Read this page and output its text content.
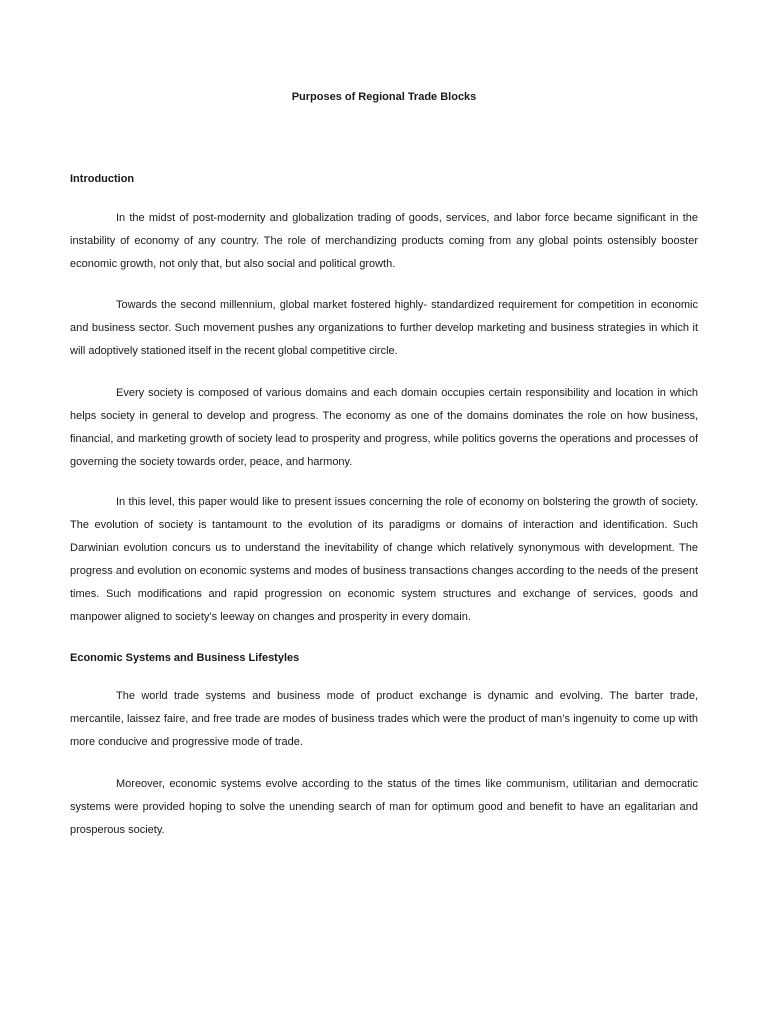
Purposes of Regional Trade Blocks
Introduction
In the midst of post-modernity and globalization trading of goods, services, and labor force became significant in the instability of economy of any country. The role of merchandizing products coming from any global points ostensibly booster economic growth, not only that, but also social and political growth.
Towards the second millennium, global market fostered highly- standardized requirement for competition in economic and business sector. Such movement pushes any organizations to further develop marketing and business strategies in which it will adoptively stationed itself in the recent global competitive circle.
Every society is composed of various domains and each domain occupies certain responsibility and location in which helps society in general to develop and progress. The economy as one of the domains dominates the role on how business, financial, and marketing growth of society lead to prosperity and progress, while politics governs the operations and processes of governing the society towards order, peace, and harmony.
In this level, this paper would like to present issues concerning the role of economy on bolstering the growth of society. The evolution of society is tantamount to the evolution of its paradigms or domains of interaction and identification. Such Darwinian evolution concurs us to understand the inevitability of change which relatively synonymous with development. The progress and evolution on economic systems and modes of business transactions changes according to the needs of the present times. Such modifications and rapid progression on economic system structures and exchange of services, goods and manpower aligned to society’s leeway on changes and prosperity in every domain.
Economic Systems and Business Lifestyles
The world trade systems and business mode of product exchange is dynamic and evolving. The barter trade, mercantile, laissez faire, and free trade are modes of business trades which were the product of man’s ingenuity to come up with more conducive and progressive mode of trade.
Moreover, economic systems evolve according to the status of the times like communism, utilitarian and democratic systems were provided hoping to solve the unending search of man for optimum good and benefit to have an egalitarian and prosperous society.
